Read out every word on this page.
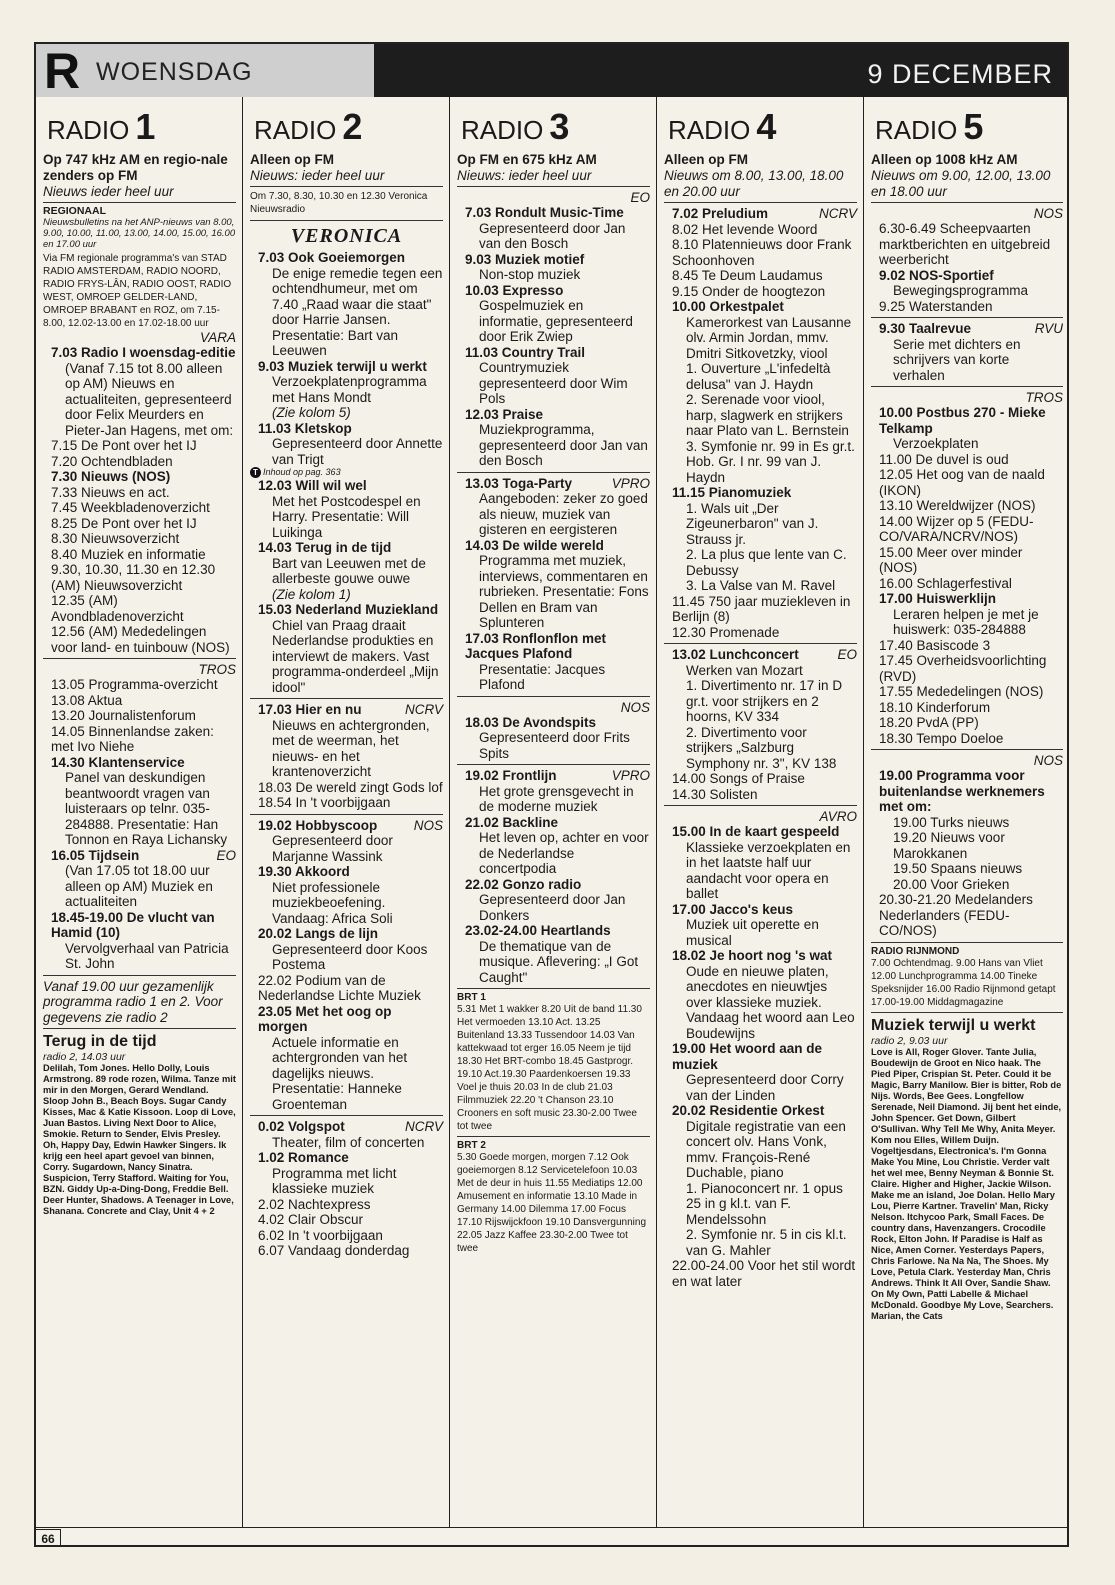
R WOENSDAG	9 DECEMBER
RADIO 1
Op 747 kHz AM en regio-nale zenders op FM
Nieuws ieder heel uur
REGIONAAL
Nieuwsbulletins na het ANP-nieuws van 8.00, 9.00, 10.00, 11.00, 13.00, 14.00, 15.00, 16.00 en 17.00 uur
Via FM regionale programma's van STAD RADIO AMSTERDAM, RADIO NOORD, RADIO FRYS-LÂN, RADIO OOST, RADIO WEST, OMROEP GELDER-LAND, OMROEP BRABANT en ROZ, om 7.15-8.00, 12.02-13.00 en 17.02-18.00 uur
VARA
7.03 Radio I woensdag-editie
(Vanaf 7.15 tot 8.00 alleen op AM) Nieuws en actualiteiten, gepresenteerd door Felix Meurders en Pieter-Jan Hagens, met om:
7.15 De Pont over het IJ
7.20 Ochtendbladen
7.30 Nieuws (NOS)
7.33 Nieuws en act.
7.45 Weekbladenoverzicht
8.25 De Pont over het IJ
8.30 Nieuwsoverzicht
8.40 Muziek en informatie
9.30, 10.30, 11.30 en 12.30 (AM) Nieuwsoverzicht
12.35 (AM) Avondbladenoverzicht
12.56 (AM) Mededelingen voor land- en tuinbouw (NOS)
TROS
13.05 Programma-overzicht
13.08 Aktua
13.20 Journalistenforum
14.05 Binnenlandse zaken: met Ivo Niehe
14.30 Klantenservice
Panel van deskundigen beantwoordt vragen van luisteraars op telnr. 035-284888. Presentatie: Han Tonnon en Raya Lichansky
16.05 Tijdsein	EO
(Van 17.05 tot 18.00 uur alleen op AM) Muziek en actualiteiten
18.45-19.00 De vlucht van Hamid (10)
Vervolgverhaal van Patricia St. John
Vanaf 19.00 uur gezamenlijk programma radio 1 en 2. Voor gegevens zie radio 2
Terug in de tijd
radio 2, 14.03 uur
Delilah, Tom Jones. Hello Dolly, Louis Armstrong. 89 rode rozen, Wilma. Tanze mit mir in den Morgen, Gerard Wendland. Sloop John B., Beach Boys. Sugar Candy Kisses, Mac & Katie Kissoon. Loop di Love, Juan Bastos. Living Next Door to Alice, Smokie. Return to Sender, Elvis Presley. Oh, Happy Day, Edwin Hawker Singers. Ik krijg een heel apart gevoel van binnen, Corry. Sugardown, Nancy Sinatra. Suspicion, Terry Stafford. Waiting for You, BZN. Giddy Up-a-Ding-Dong, Freddie Bell. Deer Hunter, Shadows. A Teenager in Love, Shanana. Concrete and Clay, Unit 4 + 2
RADIO 2
Alleen op FM
Nieuws: ieder heel uur
Om 7.30, 8.30, 10.30 en 12.30 Veronica Nieuwsradio
VERONICA
7.03 Ook Goeiemorgen
De enige remedie tegen een ochtendhumeur, met om 7.40 „Raad waar die staat" door Harrie Jansen. Presentatie: Bart van Leeuwen
9.03 Muziek terwijl u werkt
Verzoekplatenprogramma met Hans Mondt
(Zie kolom 5)
11.03 Kletskop
Gepresenteerd door Annette van Trigt
T Inhoud op pag. 363
12.03 Will wil wel
Met het Postcodespel en Harry. Presentatie: Will Luikinga
14.03 Terug in de tijd
Bart van Leeuwen met de allerbeste gouwe ouwe
(Zie kolom 1)
15.03 Nederland Muziekland
Chiel van Praag draait Nederlandse produkties en interviewt de makers. Vast programma-onderdeel „Mijn idool"
17.03 Hier en nu	NCRV
Nieuws en achtergronden, met de weerman, het nieuws- en het krantenoverzicht
18.03 De wereld zingt Gods lof
18.54 In 't voorbijgaan
19.02 Hobbyscoop	NOS
Gepresenteerd door Marjanne Wassink
19.30 Akkoord
Niet professionele muziekbeoefening. Vandaag: Africa Soli
20.02 Langs de lijn
Gepresenteerd door Koos Postema
22.02 Podium van de Nederlandse Lichte Muziek
23.05 Met het oog op morgen
Actuele informatie en achtergronden van het dagelijks nieuws. Presentatie: Hanneke Groenteman
0.02 Volgspot	NCRV
Theater, film of concerten
1.02 Romance
Programma met licht klassieke muziek
2.02 Nachtexpress
4.02 Clair Obscur
6.02 In 't voorbijgaan
6.07 Vandaag donderdag
RADIO 3
Op FM en 675 kHz AM
Nieuws: ieder heel uur
EO
7.03 Rondult Music-Time
Gepresenteerd door Jan van den Bosch
9.03 Muziek motief
Non-stop muziek
10.03 Expresso
Gospelmuziek en informatie, gepresenteerd door Erik Zwiep
11.03 Country Trail
Countrymuziek gepresenteerd door Wim Pols
12.03 Praise
Muziekprogramma, gepresenteerd door Jan van den Bosch
13.03 Toga-Party	VPRO
Aangeboden: zeker zo goed als nieuw, muziek van gisteren en eergisteren
14.03 De wilde wereld
Programma met muziek, interviews, commentaren en rubrieken. Presentatie: Fons Dellen en Bram van Splunteren
17.03 Ronflonflon met Jacques Plafond
Presentatie: Jacques Plafond
NOS
18.03 De Avondspits
Gepresenteerd door Frits Spits
19.02 Frontlijn	VPRO
Het grote grensgevecht in de moderne muziek
21.02 Backline
Het leven op, achter en voor de Nederlandse concertpodia
22.02 Gonzo radio
Gepresenteerd door Jan Donkers
23.02-24.00 Heartlands
De thematique van de musique. Aflevering: „I Got Caught"
BRT 1
5.31 Met 1 wakker 8.20 Uit de band 11.30 Het vermoeden 13.10 Act. 13.25 Buitenland 13.33 Tussendoor 14.03 Van kattekwaad tot erger 16.05 Neem je tijd 18.30 Het BRT-combo 18.45 Gastprogr. 19.10 Act.19.30 Paardenkoersen 19.33 Voel je thuis 20.03 In de club 21.03 Filmmuziek 22.20 't Chanson 23.10 Crooners en soft music 23.30-2.00 Twee tot twee
BRT 2
5.30 Goede morgen, morgen 7.12 Ook goeiemorgen 8.12 Servicetelefoon 10.03 Met de deur in huis 11.55 Mediatips 12.00 Amusement en informatie 13.10 Made in Germany 14.00 Dilemma 17.00 Focus 17.10 Rijswijckfoon 19.10 Dansvergunning 22.05 Jazz Kaffee 23.30-2.00 Twee tot twee
RADIO 4
Alleen op FM
Nieuws om 8.00, 13.00, 18.00 en 20.00 uur
7.02 Preludium	NCRV
8.02 Het levende Woord
8.10 Platennieuws door Frank Schoonhoven
8.45 Te Deum Laudamus
9.15 Onder de hoogtezon
10.00 Orkestpalet
Kamerorkest van Lausanne olv. Armin Jordan, mmv. Dmitri Sitkovetzky, viool
1. Ouverture „L'infedeltà delusa" van J. Haydn
2. Serenade voor viool, harp, slagwerk en strijkers naar Plato van L. Bernstein
3. Symfonie nr. 99 in Es gr.t. Hob. Gr. I nr. 99 van J. Haydn
11.15 Pianomuziek
1. Wals uit „Der Zigeunerbaron" van J. Strauss jr.
2. La plus que lente van C. Debussy
3. La Valse van M. Ravel
11.45 750 jaar muziekleven in Berlijn (8)
12.30 Promenade
13.02 Lunchconcert	EO
Werken van Mozart
1. Divertimento nr. 17 in D gr.t. voor strijkers en 2 hoorns, KV 334
2. Divertimento voor strijkers „Salzburg Symphony nr. 3", KV 138
14.00 Songs of Praise
14.30 Solisten
AVRO
15.00 In de kaart gespeeld
Klassieke verzoekplaten en in het laatste half uur aandacht voor opera en ballet
17.00 Jacco's keus
Muziek uit operette en musical
18.02 Je hoort nog 's wat
Oude en nieuwe platen, anecdotes en nieuwtjes over klassieke muziek. Vandaag het woord aan Leo Boudewijns
19.00 Het woord aan de muziek
Gepresenteerd door Corry van der Linden
20.02 Residentie Orkest
Digitale registratie van een concert olv. Hans Vonk, mmv. François-René Duchable, piano
1. Pianoconcert nr. 1 opus 25 in g kl.t. van F. Mendelssohn
2. Symfonie nr. 5 in cis kl.t. van G. Mahler
22.00-24.00 Voor het stil wordt en wat later
RADIO 5
Alleen op 1008 kHz AM
Nieuws om 9.00, 12.00, 13.00 en 18.00 uur
NOS
6.30-6.49 Scheepvaarten marktberichten en uitgebreid weerbericht
9.02 NOS-Sportief
Bewegingsprogramma
9.25 Waterstanden
9.30 Taalrevue	RVU
Serie met dichters en schrijvers van korte verhalen
TROS
10.00 Postbus 270 - Mieke Telkamp
Verzoekplaten
11.00 De duvel is oud
12.05 Het oog van de naald (IKON)
13.10 Wereldwijzer (NOS)
14.00 Wijzer op 5 (FEDU-CO/VARA/NCRV/NOS)
15.00 Meer over minder (NOS)
16.00 Schlagerfestival
17.00 Huiswerklijn
Leraren helpen je met je huiswerk: 035-284888
17.40 Basiscode 3
17.45 Overheidsvoorlichting (RVD)
17.55 Mededelingen (NOS)
18.10 Kinderforum
18.20 PvdA (PP)
18.30 Tempo Doeloe
NOS
19.00 Programma voor buitenlandse werknemers met om:
19.00 Turks nieuws
19.20 Nieuws voor Marokkanen
19.50 Spaans nieuws
20.00 Voor Grieken
20.30-21.20 Medelanders Nederlanders (FEDU-CO/NOS)
RADIO RIJNMOND
7.00 Ochtendmag. 9.00 Hans van Vliet 12.00 Lunchprogramma 14.00 Tineke Speksnijder 16.00 Radio Rijnmond getapt 17.00-19.00 Middagmagazine
Muziek terwijl u werkt
radio 2, 9.03 uur
Love is All, Roger Glover. Tante Julia, Boudewijn de Groot en Nico haak. The Pied Piper, Crispian St. Peter. Could it be Magic, Barry Manilow. Bier is bitter, Rob de Nijs. Words, Bee Gees. Longfellow Serenade, Neil Diamond. Jij bent het einde, John Spencer. Get Down, Gilbert O'Sullivan. Why Tell Me Why, Anita Meyer. Kom nou Elles, Willem Duijn. Vogeltjesdans, Electronica's. I'm Gonna Make You Mine, Lou Christie. Verder valt het wel mee, Benny Neyman & Bonnie St. Claire. Higher and Higher, Jackie Wilson. Make me an island, Joe Dolan. Hello Mary Lou, Pierre Kartner. Travelin' Man, Ricky Nelson. Itchycoo Park, Small Faces. De country dans, Havenzangers. Crocodile Rock, Elton John. If Paradise is Half as Nice, Amen Corner. Yesterdays Papers, Chris Farlowe. Na Na Na, The Shoes. My Love, Petula Clark. Yesterday Man, Chris Andrews. Think It All Over, Sandie Shaw. On My Own, Patti Labelle & Michael McDonald. Goodbye My Love, Searchers. Marian, the Cats
66
